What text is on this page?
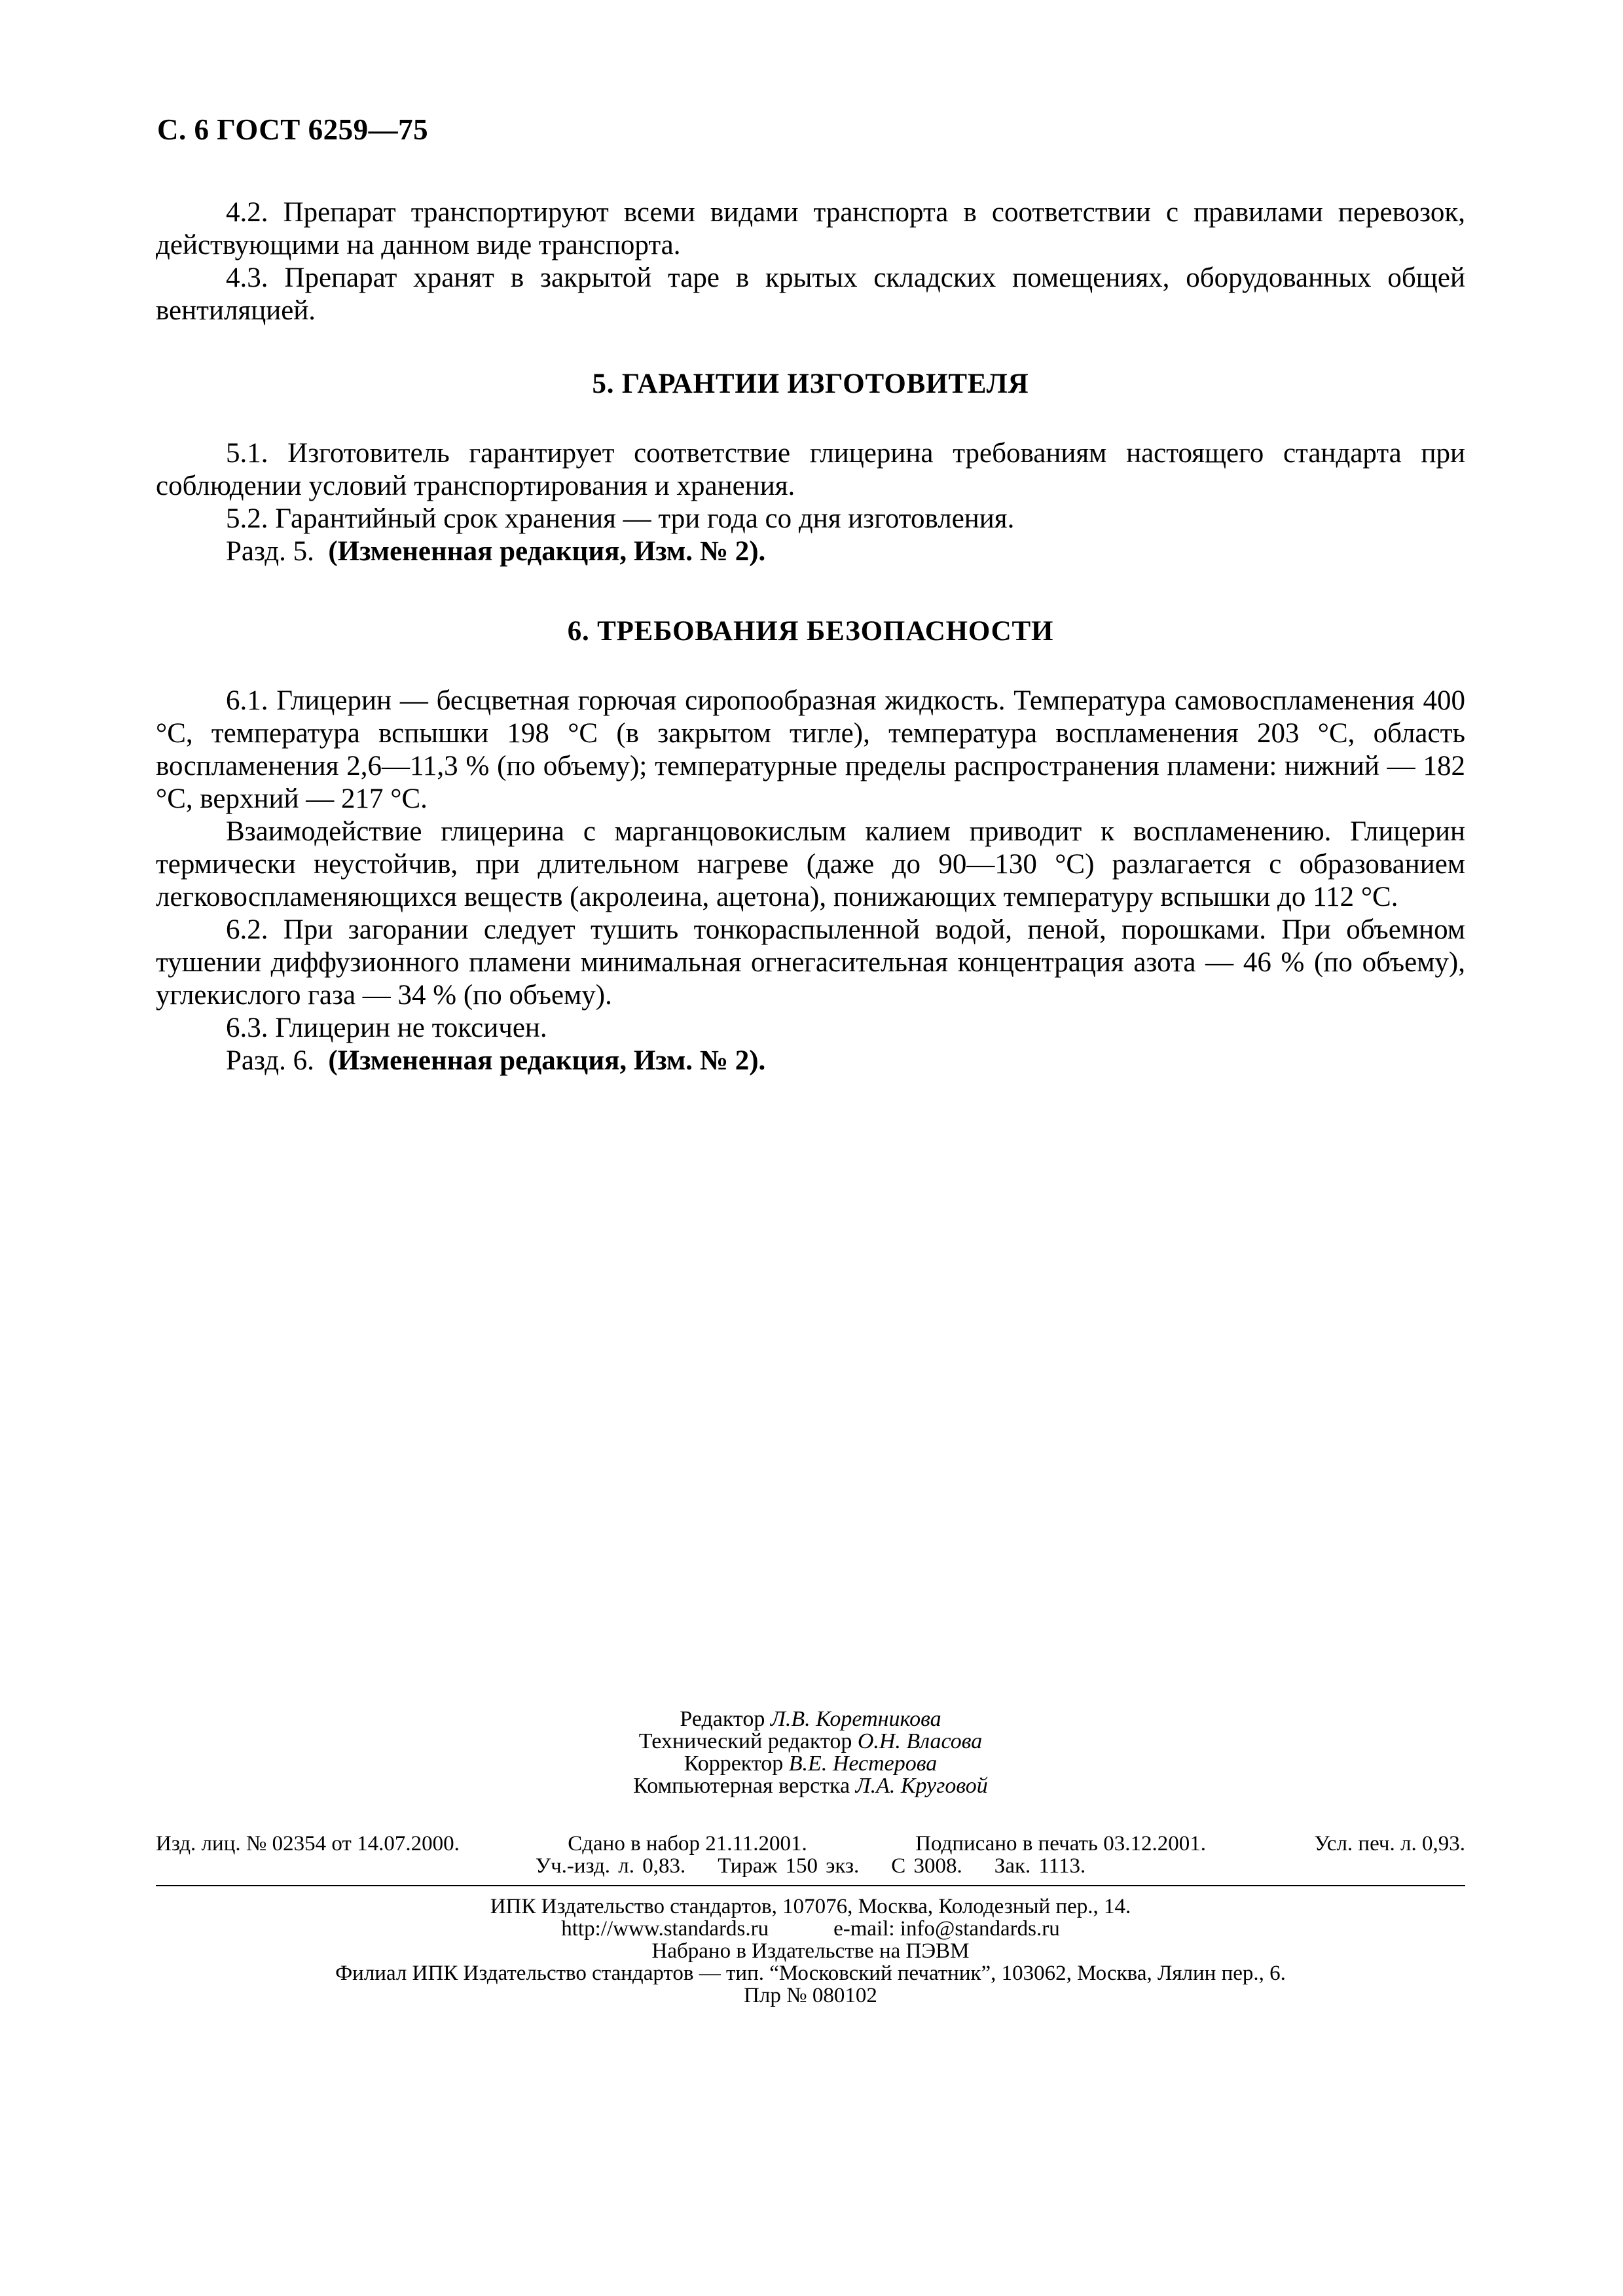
С. 6 ГОСТ 6259—75

4.2. Препарат транспортируют всеми видами транспорта в соответствии с правилами перевозок, действующими на данном виде транспорта.

4.3. Препарат хранят в закрытой таре в крытых складских помещениях, оборудованных общей вентиляцией.

5. ГАРАНТИИ ИЗГОТОВИТЕЛЯ

5.1. Изготовитель гарантирует соответствие глицерина требованиям настоящего стандарта при соблюдении условий транспортирования и хранения.

5.2. Гарантийный срок хранения — три года со дня изготовления.

Разд. 5. (Измененная редакция, Изм. № 2).

6. ТРЕБОВАНИЯ БЕЗОПАСНОСТИ

6.1. Глицерин — бесцветная горючая сиропообразная жидкость. Температура самовоспламенения 400 °С, температура вспышки 198 °С (в закрытом тигле), температура воспламенения 203 °С, область воспламенения 2,6—11,3 % (по объему); температурные пределы распространения пламени: нижний — 182 °С, верхний — 217 °С.

Взаимодействие глицерина с марганцовокислым калием приводит к воспламенению. Глицерин термически неустойчив, при длительном нагреве (даже до 90—130 °С) разлагается с образованием легковоспламеняющихся веществ (акролеина, ацетона), понижающих температуру вспышки до 112 °С.

6.2. При загорании следует тушить тонкораспыленной водой, пеной, порошками. При объемном тушении диффузионного пламени минимальная огнегасительная концентрация азота — 46 % (по объему), углекислого газа — 34 % (по объему).

6.3. Глицерин не токсичен.

Разд. 6. (Измененная редакция, Изм. № 2).

Редактор Л.В. Коретникова
Технический редактор О.Н. Власова
Корректор В.Е. Нестерова
Компьютерная верстка Л.А. Круговой
Изд. лиц. № 02354 от 14.07.2000.	Сдано в набор 21.11.2001.	Подписано в печать 03.12.2001.	Усл. печ. л. 0,93.
Уч.-изд. л. 0,83. Тираж 150 экз. С 3008. Зак. 1113.
ИПК Издательство стандартов, 107076, Москва, Колодезный пер., 14.
http://www.standards.ru	e-mail: info@standards.ru
Набрано в Издательстве на ПЭВМ
Филиал ИПК Издательство стандартов — тип. “Московский печатник”, 103062, Москва, Лялин пер., 6.
Плр № 080102
